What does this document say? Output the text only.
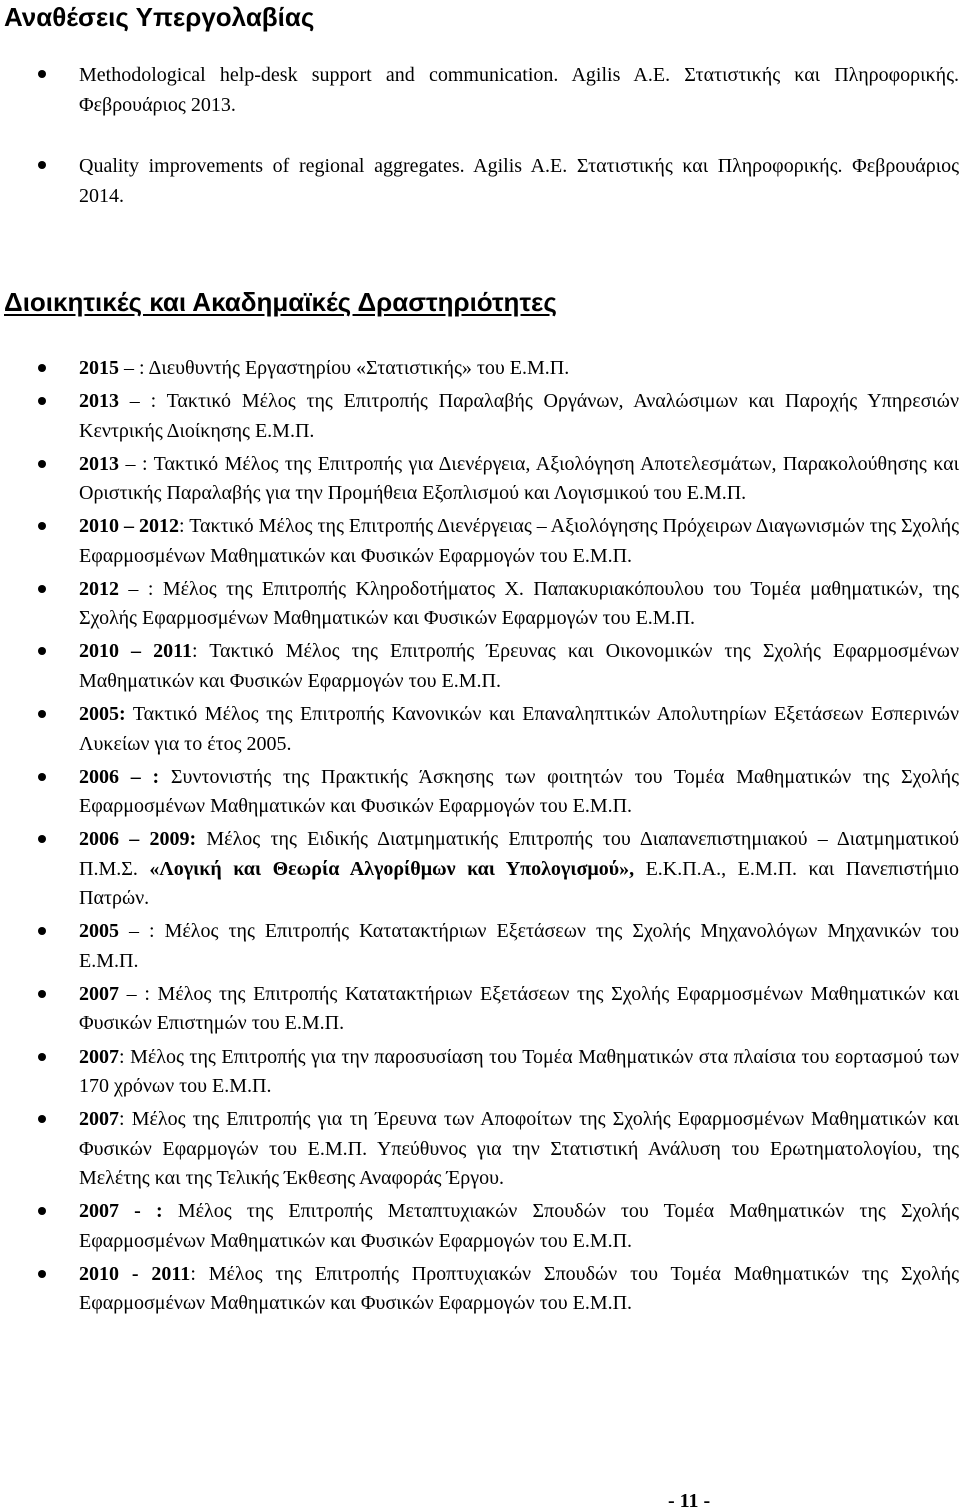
Αναθέσεις Υπεργολαβίας
Methodological help-desk support and communication. Agilis A.E. Στατιστικής και Πληροφορικής. Φεβρουάριος 2013.
Quality improvements of regional aggregates. Agilis A.E. Στατιστικής και Πληροφορικής. Φεβρουάριος 2014.
Διοικητικές και Ακαδημαϊκές Δραστηριότητες
2015 – : Διευθυντής Εργαστηρίου «Στατιστικής» του Ε.Μ.Π.
2013 – : Τακτικό Μέλος της Επιτροπής Παραλαβής Οργάνων, Αναλώσιμων και Παροχής Υπηρεσιών Κεντρικής Διοίκησης Ε.Μ.Π.
2013 – : Τακτικό Μέλος της Επιτροπής για Διενέργεια, Αξιολόγηση Αποτελεσμάτων, Παρακολούθησης και Οριστικής Παραλαβής για την Προμήθεια Εξοπλισμού και Λογισμικού του Ε.Μ.Π.
2010 – 2012: Τακτικό Μέλος της Επιτροπής Διενέργειας – Αξιολόγησης Πρόχειρων Διαγωνισμών της Σχολής Εφαρμοσμένων Μαθηματικών και Φυσικών Εφαρμογών του Ε.Μ.Π.
2012 – : Μέλος της Επιτροπής Κληροδοτήματος Χ. Παπακυριακόπουλου του Τομέα μαθηματικών, της Σχολής Εφαρμοσμένων Μαθηματικών και Φυσικών Εφαρμογών του Ε.Μ.Π.
2010 – 2011: Τακτικό Μέλος της Επιτροπής Έρευνας και Οικονομικών της Σχολής Εφαρμοσμένων Μαθηματικών και Φυσικών Εφαρμογών του Ε.Μ.Π.
2005: Τακτικό Μέλος της Επιτροπής Κανονικών και Επαναληπτικών Απολυτηρίων Εξετάσεων Εσπερινών Λυκείων για το έτος 2005.
2006 – : Συντονιστής της Πρακτικής Άσκησης των φοιτητών του Τομέα Μαθηματικών της Σχολής Εφαρμοσμένων Μαθηματικών και Φυσικών Εφαρμογών του Ε.Μ.Π.
2006 – 2009: Μέλος της Ειδικής Διατμηματικής Επιτροπής του Διαπανεπιστημιακού – Διατμηματικού Π.Μ.Σ. «Λογική και Θεωρία Αλγορίθμων και Υπολογισμού», Ε.Κ.Π.Α., Ε.Μ.Π. και Πανεπιστήμιο Πατρών.
2005 – : Μέλος της Επιτροπής Κατατακτήριων Εξετάσεων της Σχολής Μηχανολόγων Μηχανικών του Ε.Μ.Π.
2007 – : Μέλος της Επιτροπής Κατατακτήριων Εξετάσεων της Σχολής Εφαρμοσμένων Μαθηματικών και Φυσικών Επιστημών του Ε.Μ.Π.
2007: Μέλος της Επιτροπής για την παροσυσίαση του Τομέα Μαθηματικών στα πλαίσια του εορτασμού των 170 χρόνων του Ε.Μ.Π.
2007: Μέλος της Επιτροπής για τη Έρευνα των Αποφοίτων της Σχολής Εφαρμοσμένων Μαθηματικών και Φυσικών Εφαρμογών του Ε.Μ.Π. Υπεύθυνος για την Στατιστική Ανάλυση του Ερωτηματολογίου, της Μελέτης και της Τελικής Έκθεσης Αναφοράς Έργου.
2007 - : Μέλος της Επιτροπής Μεταπτυχιακών Σπουδών του Τομέα Μαθηματικών της Σχολής Εφαρμοσμένων Μαθηματικών και Φυσικών Εφαρμογών του Ε.Μ.Π.
2010 - 2011: Μέλος της Επιτροπής Προπτυχιακών Σπουδών του Τομέα Μαθηματικών της Σχολής Εφαρμοσμένων Μαθηματικών και Φυσικών Εφαρμογών του Ε.Μ.Π.
- 11 -
